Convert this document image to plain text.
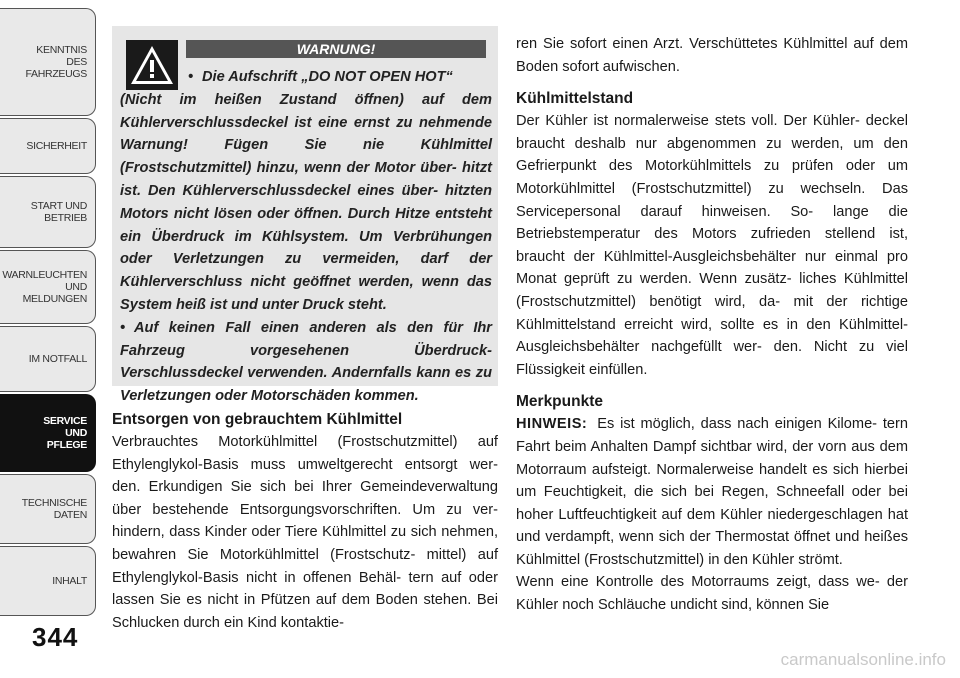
KENNTNIS
DES
FAHRZEUGS
SICHERHEIT
START UND
BETRIEB
WARNLEUCHTEN
UND
MELDUNGEN
IM NOTFALL
SERVICE
UND
PFLEGE
TECHNISCHE
DATEN
INHALT
344
WARNUNG!

• Die Aufschrift „DO NOT OPEN HOT“

(Nicht im heißen Zustand öffnen) auf dem Kühlerverschlussdeckel ist eine ernst zu nehmende Warnung! Fügen Sie nie Kühlmittel (Frostschutzmittel) hinzu, wenn der Motor über- hitzt ist. Den Kühlerverschlussdeckel eines über- hitzten Motors nicht lösen oder öffnen. Durch Hitze entsteht ein Überdruck im Kühlsystem. Um Verbrühungen oder Verletzungen zu vermeiden, darf der Kühlerverschluss nicht geöffnet werden, wenn das System heiß ist und unter Druck steht.

• Auf keinen Fall einen anderen als den für Ihr Fahrzeug vorgesehenen Überdruck- Verschlussdeckel verwenden. Andernfalls kann es zu Verletzungen oder Motorschäden kommen.

Entsorgen von gebrauchtem Kühlmittel
Verbrauchtes Motorkühlmittel (Frostschutzmittel) auf Ethylenglykol-Basis muss umweltgerecht entsorgt wer- den. Erkundigen Sie sich bei Ihrer Gemeindeverwaltung über bestehende Entsorgungsvorschriften. Um zu ver- hindern, dass Kinder oder Tiere Kühlmittel zu sich nehmen, bewahren Sie Motorkühlmittel (Frostschutz- mittel) auf Ethylenglykol-Basis nicht in offenen Behäl- tern auf oder lassen Sie es nicht in Pfützen auf dem Boden stehen. Bei Schlucken durch ein Kind kontaktie-
ren Sie sofort einen Arzt. Verschüttetes Kühlmittel auf dem Boden sofort aufwischen.
Kühlmittelstand
Der Kühler ist normalerweise stets voll. Der Kühler- deckel braucht deshalb nur abgenommen zu werden, um den Gefrierpunkt des Motorkühlmittels zu prüfen oder um Motorkühlmittel (Frostschutzmittel) zu wechseln. Das Servicepersonal darauf hinweisen. So- lange die Betriebstemperatur des Motors zufrieden stellend ist, braucht der Kühlmittel-Ausgleichsbehälter nur einmal pro Monat geprüft zu werden. Wenn zusätz- liches Kühlmittel (Frostschutzmittel) benötigt wird, da- mit der richtige Kühlmittelstand erreicht wird, sollte es in den Kühlmittel-Ausgleichsbehälter nachgefüllt wer- den. Nicht zu viel Flüssigkeit einfüllen.
Merkpunkte
HINWEIS: Es ist möglich, dass nach einigen Kilome- tern Fahrt beim Anhalten Dampf sichtbar wird, der vorn aus dem Motorraum aufsteigt. Normalerweise handelt es sich hierbei um Feuchtigkeit, die sich bei Regen, Schneefall oder bei hoher Luftfeuchtigkeit auf dem Kühler niedergeschlagen hat und verdampft, wenn sich der Thermostat öffnet und heißes Kühlmittel (Frostschutzmittel) in den Kühler strömt.
Wenn eine Kontrolle des Motorraums zeigt, dass we- der Kühler noch Schläuche undicht sind, können Sie
carmanualsonline.info
